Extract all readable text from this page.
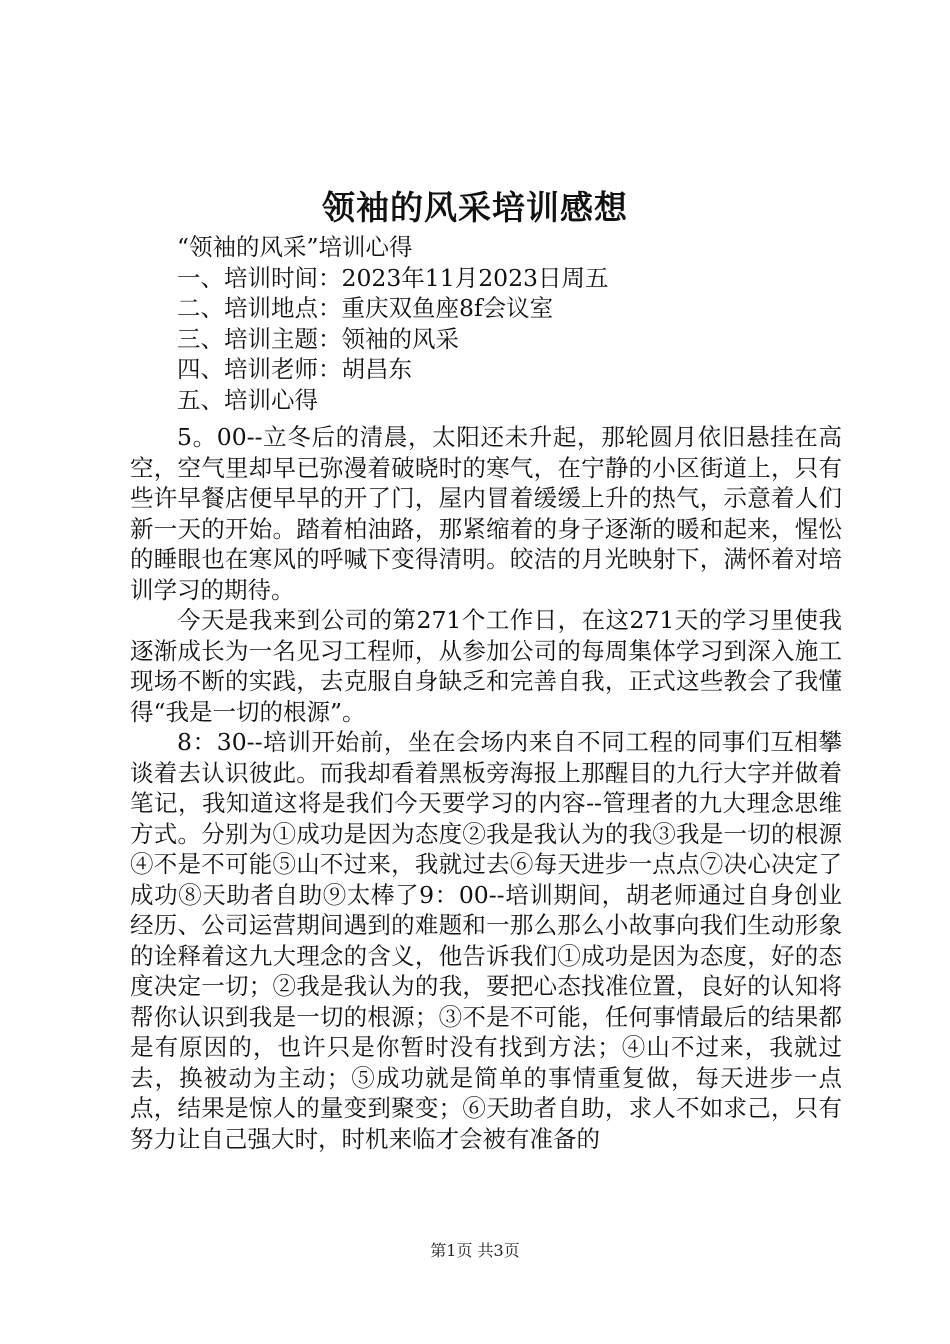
领袖的风采培训感想
“领袖的风采”培训心得
一、培训时间：2023年11月2023日周五
二、培训地点：重庆双鱼座8f会议室
三、培训主题：领袖的风采
四、培训老师：胡昌东
五、培训心得

5。00--立冬后的清晨，太阳还未升起，那轮圆月依旧悬挂在高空，空气里却早已弥漫着破晓时的寒气，在宁静的小区街道上，只有些许早餐店便早早的开了门，屋内冒着缓缓上升的热气，示意着人们新一天的开始。踏着柏油路，那紧缩着的身子逐渐的暖和起来，惺忪的睡眼也在寒风的呼喊下变得清明。皎洁的月光映射下，满怀着对培训学习的期待。

今天是我来到公司的第271个工作日，在这271天的学习里使我逐渐成长为一名见习工程师，从参加公司的每周集体学习到深入施工现场不断的实践，去克服自身缺乏和完善自我，正式这些教会了我懂得“我是一切的根源”。

8：30--培训开始前，坐在会场内来自不同工程的同事们互相攀谈着去认识彼此。而我却看着黑板旁海报上那醒目的九行大字并做着笔记，我知道这将是我们今天要学习的内容--管理者的九大理念思维方式。分别为①成功是因为态度②我是我认为的我③我是一切的根源④不是不可能⑤山不过来，我就过去⑥每天进步一点点⑦决心决定了成功⑧天助者自助⑨太棒了9：00--培训期间，胡老师通过自身创业经历、公司运营期间遇到的难题和一那么那么小故事向我们生动形象的诠释着这九大理念的含义，他告诉我们①成功是因为态度，好的态度决定一切；②我是我认为的我，要把心态找准位置，良好的认知将帮你认识到我是一切的根源；③不是不可能，任何事情最后的结果都是有原因的，也许只是你暂时没有找到方法；④山不过来，我就过去，换被动为主动；⑤成功就是简单的事情重复做，每天进步一点点，结果是惊人的量变到聚变；⑥天助者自助，求人不如求己，只有努力让自己强大时，时机来临才会被有准备的

第1页 共3页
